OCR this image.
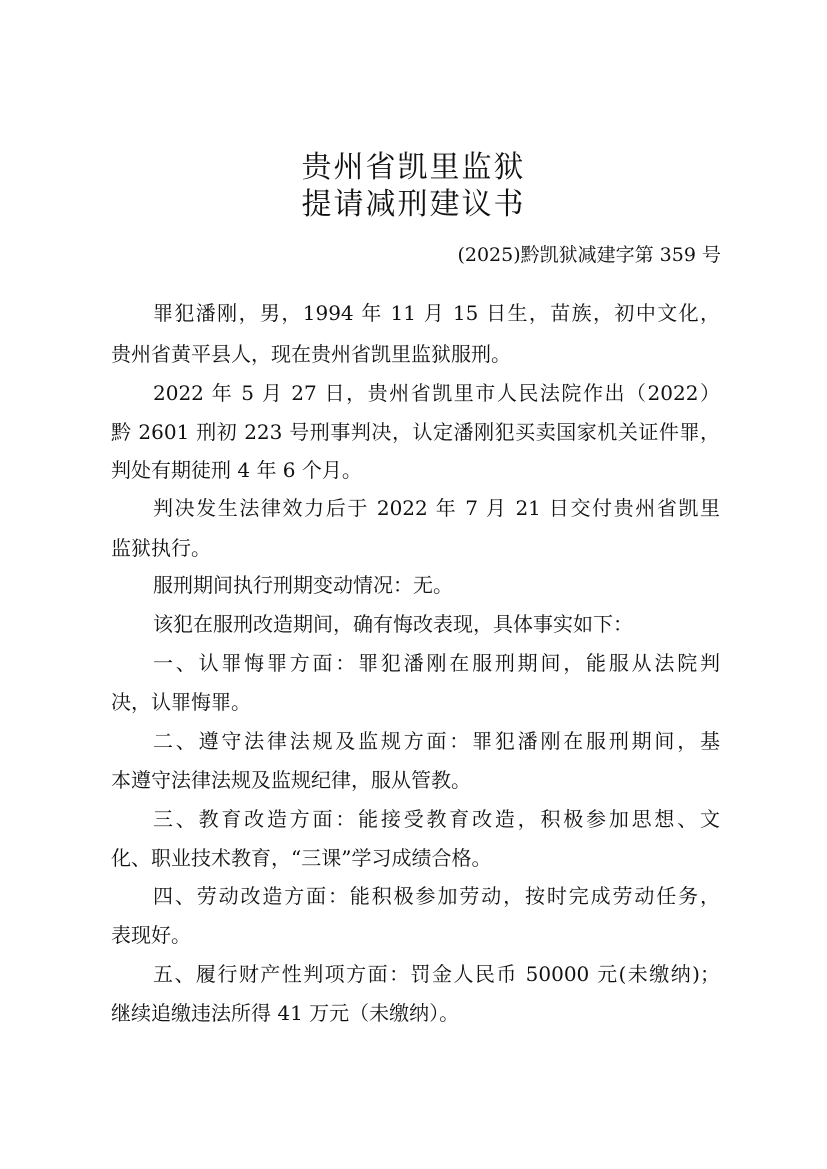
贵州省凯里监狱
提请减刑建议书
(2025)黔凯狱减建字第 359 号
罪犯潘刚，男，1994 年 11 月 15 日生，苗族，初中文化，
贵州省黄平县人，现在贵州省凯里监狱服刑。
2022 年 5 月 27 日，贵州省凯里市人民法院作出（2022）
黔 2601 刑初 223 号刑事判决，认定潘刚犯买卖国家机关证件罪，
判处有期徒刑 4 年 6 个月。
判决发生法律效力后于 2022 年 7 月 21 日交付贵州省凯里
监狱执行。
服刑期间执行刑期变动情况：无。
该犯在服刑改造期间，确有悔改表现，具体事实如下：
一、认罪悔罪方面：罪犯潘刚在服刑期间，能服从法院判
决，认罪悔罪。
二、遵守法律法规及监规方面：罪犯潘刚在服刑期间，基
本遵守法律法规及监规纪律，服从管教。
三、教育改造方面：能接受教育改造，积极参加思想、文
化、职业技术教育，“三课”学习成绩合格。
四、劳动改造方面：能积极参加劳动，按时完成劳动任务，
表现好。
五、履行财产性判项方面：罚金人民币 50000 元(未缴纳)；
继续追缴违法所得 41 万元（未缴纳）。
